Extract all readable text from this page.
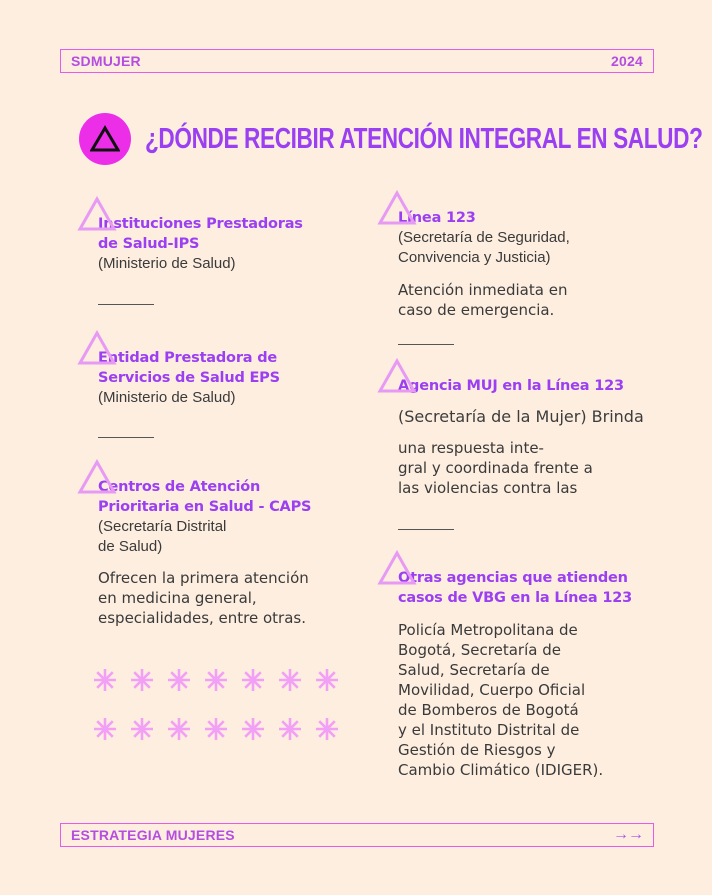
SDMUJER	2024
¿DÓNDE RECIBIR ATENCIÓN INTEGRAL EN SALUD?
Instituciones Prestadoras
de Salud-IPS
(Ministerio de Salud)
Entidad Prestadora de
Servicios de Salud EPS
(Ministerio de Salud)
Centros de Atención
Prioritaria en Salud - CAPS
(Secretaría Distrital
de Salud)
Ofrecen la primera atención
en medicina general,
especialidades, entre otras.
Línea 123
(Secretaría de Seguridad,
Convivencia y Justicia)
Atención inmediata en
caso de emergencia.
Agencia MUJ en la Línea 123
(Secretaría de la Mujer) Brinda
una respuesta inte-
gral y coordinada frente a
las violencias contra las
Otras agencias que atienden
casos de VBG en la Línea 123
Policía Metropolitana de
Bogotá, Secretaría de
Salud, Secretaría de
Movilidad, Cuerpo Oficial
de Bomberos de Bogotá
y el Instituto Distrital de
Gestión de Riesgos y
Cambio Climático (IDIGER).
ESTRATEGIA MUJERES	→→
